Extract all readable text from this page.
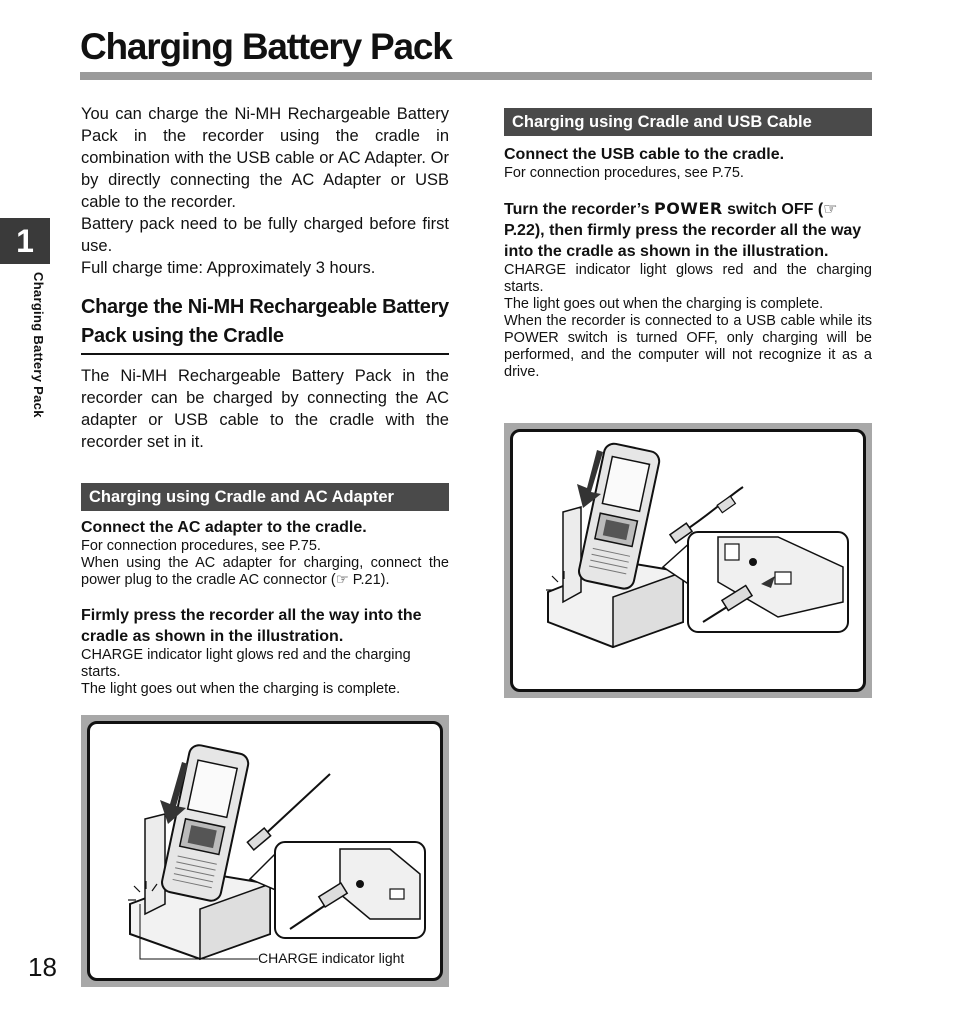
Charging Battery Pack
1
Charging Battery Pack
18

You can charge the Ni-MH Rechargeable Battery Pack in the recorder using the cradle in combination with the USB cable or AC Adapter. Or by directly connecting the AC Adapter or USB cable to the recorder.

Battery pack need to be fully charged before first use.

Full charge time: Approximately 3 hours.

Charge the Ni-MH Rechargeable Battery Pack using the Cradle

The Ni-MH Rechargeable Battery Pack in the recorder can be charged by connecting the AC adapter or USB cable to the cradle with the recorder set in it.

Charging using Cradle and AC Adapter

Connect the AC adapter to the cradle.

For connection procedures, see P.75.

When using the AC adapter for charging, connect the power plug to the cradle AC connector (☞ P.21).

Firmly press the recorder all the way into the cradle as shown in the illustration.

CHARGE indicator light glows red and the charging starts.

The light goes out when the charging is complete.

CHARGE indicator light
Charging using Cradle and USB Cable

Connect the USB cable to the cradle.

For connection procedures, see P.75.

Turn the recorder’s POWER switch OFF (☞ P.22), then firmly press the recorder all the way into the cradle as shown in the illustration.

CHARGE indicator light glows red and the charging starts.

The light goes out when the charging is complete.

When the recorder is connected to a USB cable while its POWER switch is turned OFF, only charging will be performed, and the computer will not recognize it as a drive.
